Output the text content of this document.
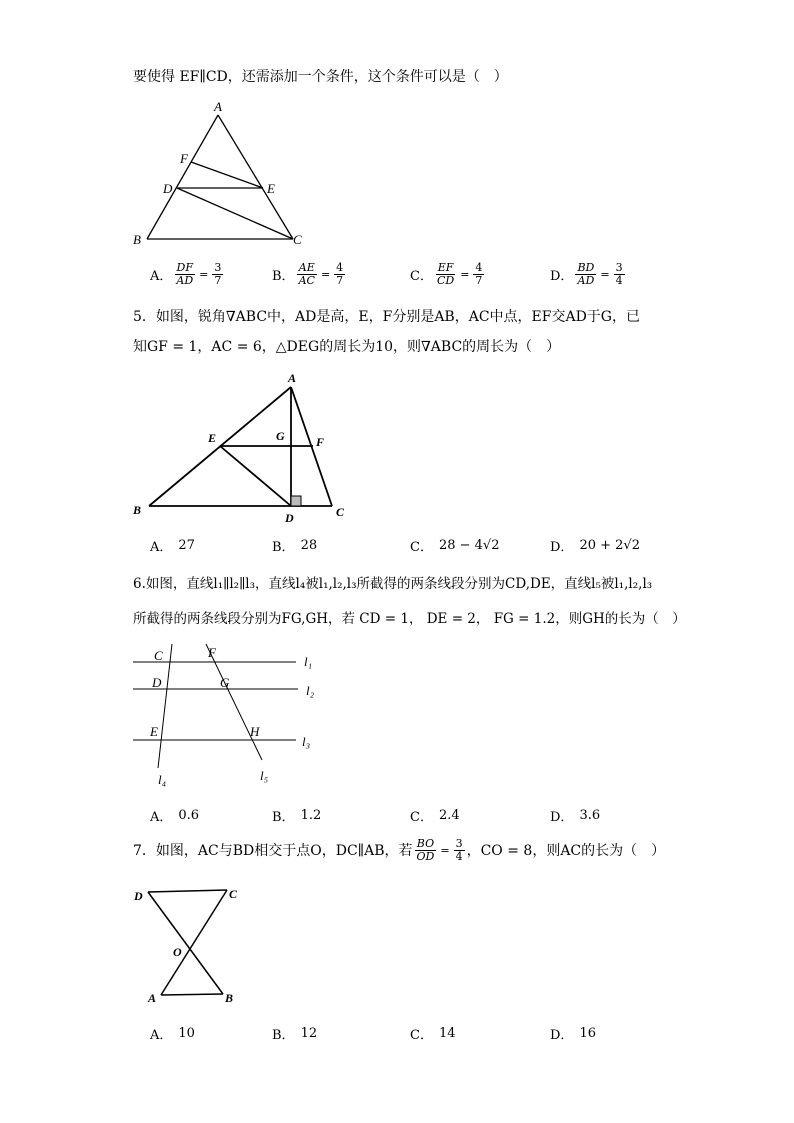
要使得 EF∥CD，还需添加一个条件，这个条件可以是（　）
A
F
D	E
B	C
A． $\frac{DF}{AD} = \frac{3}{7}$	B． $\frac{AE}{AC} = \frac{4}{7}$	C． $\frac{EF}{CD} = \frac{4}{7}$	D． $\frac{BD}{AD} = \frac{3}{4}$
5．如图，锐角∇ABC中，AD是高，E，F分别是AB，AC中点，EF交AD于G，已
知GF = 1，AC = 6，△DEG的周长为10，则∇ABC的周长为（　）
A
E	G	F
B
D	C
A． 27	B． 28	C． 28 − 4√2	D． 20 + 2√2
6.如图，直线l₁∥l₂∥l₃，直线l₄被l₁,l₂,l₃所截得的两条线段分别为CD,DE，直线l₅被l₁,l₂,l₃
所截得的两条线段分别为FG,GH，若 CD = 1， DE = 2， FG = 1.2，则GH的长为（　）
C	F
D	G
E	H
l₁
l₂
l₃
l₄	l₅
A． 0.6	B． 1.2	C． 2.4	D． 3.6
7．如图，AC与BD相交于点O，DC∥AB，若 $\frac{BO}{OD} = \frac{3}{4}$ ，CO = 8，则AC的长为（　）
D	C
O
A	B
A． 10	B． 12	C． 14	D． 16
